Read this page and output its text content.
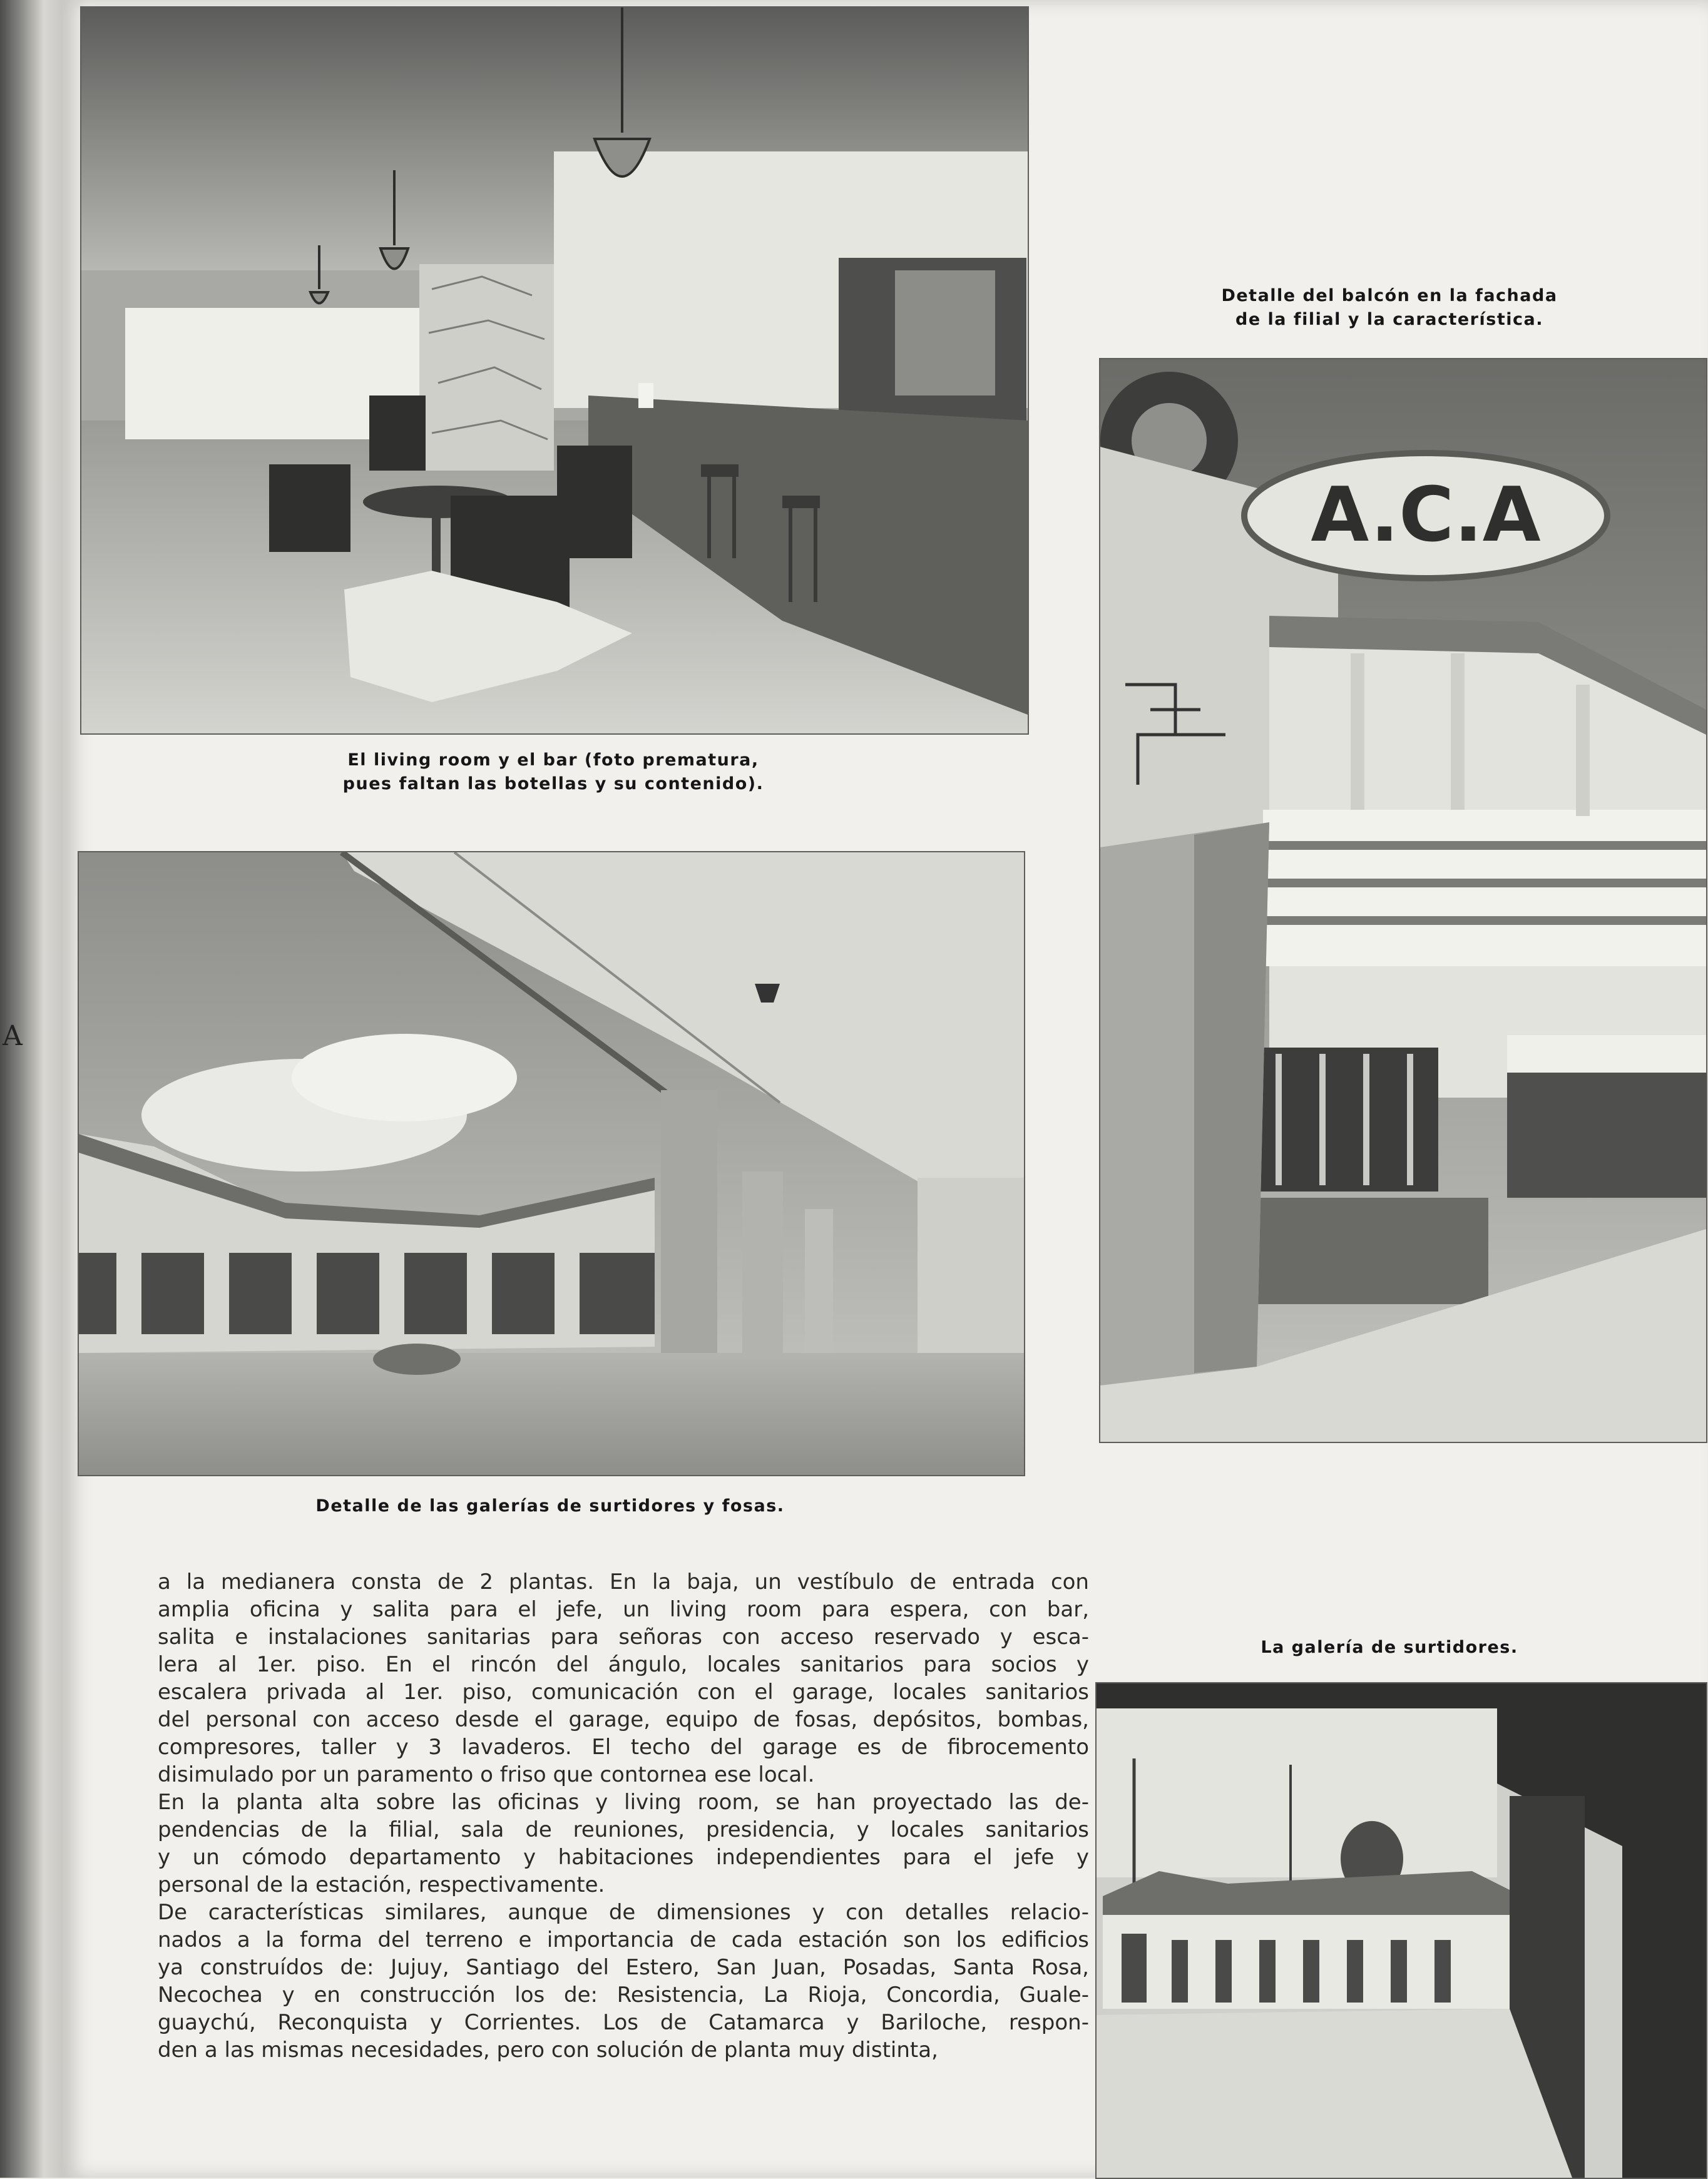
A
El living room y el bar (foto prematura,
pues faltan las botellas y su contenido).
Detalle de las galerías de surtidores y fosas.
a la medianera consta de 2 plantas. En la baja, un vestíbulo de entrada con
amplia oficina y salita para el jefe, un living room para espera, con bar,
salita e instalaciones sanitarias para señoras con acceso reservado y esca-
lera al 1er. piso. En el rincón del ángulo, locales sanitarios para socios y
escalera privada al 1er. piso, comunicación con el garage, locales sanitarios
del personal con acceso desde el garage, equipo de fosas, depósitos, bombas,
compresores, taller y 3 lavaderos. El techo del garage es de fibrocemento
disimulado por un paramento o friso que contornea ese local.
En la planta alta sobre las oficinas y living room, se han proyectado las de-
pendencias de la filial, sala de reuniones, presidencia, y locales sanitarios
y un cómodo departamento y habitaciones independientes para el jefe y
personal de la estación, respectivamente.
De características similares, aunque de dimensiones y con detalles relacio-
nados a la forma del terreno e importancia de cada estación son los edificios
ya construídos de: Jujuy, Santiago del Estero, San Juan, Posadas, Santa Rosa,
Necochea y en construcción los de: Resistencia, La Rioja, Concordia, Guale-
guaychú, Reconquista y Corrientes. Los de Catamarca y Bariloche, respon-
den a las mismas necesidades, pero con solución de planta muy distinta,
Detalle del balcón en la fachada
de la filial y la característica.
A.C.A
La galería de surtidores.
